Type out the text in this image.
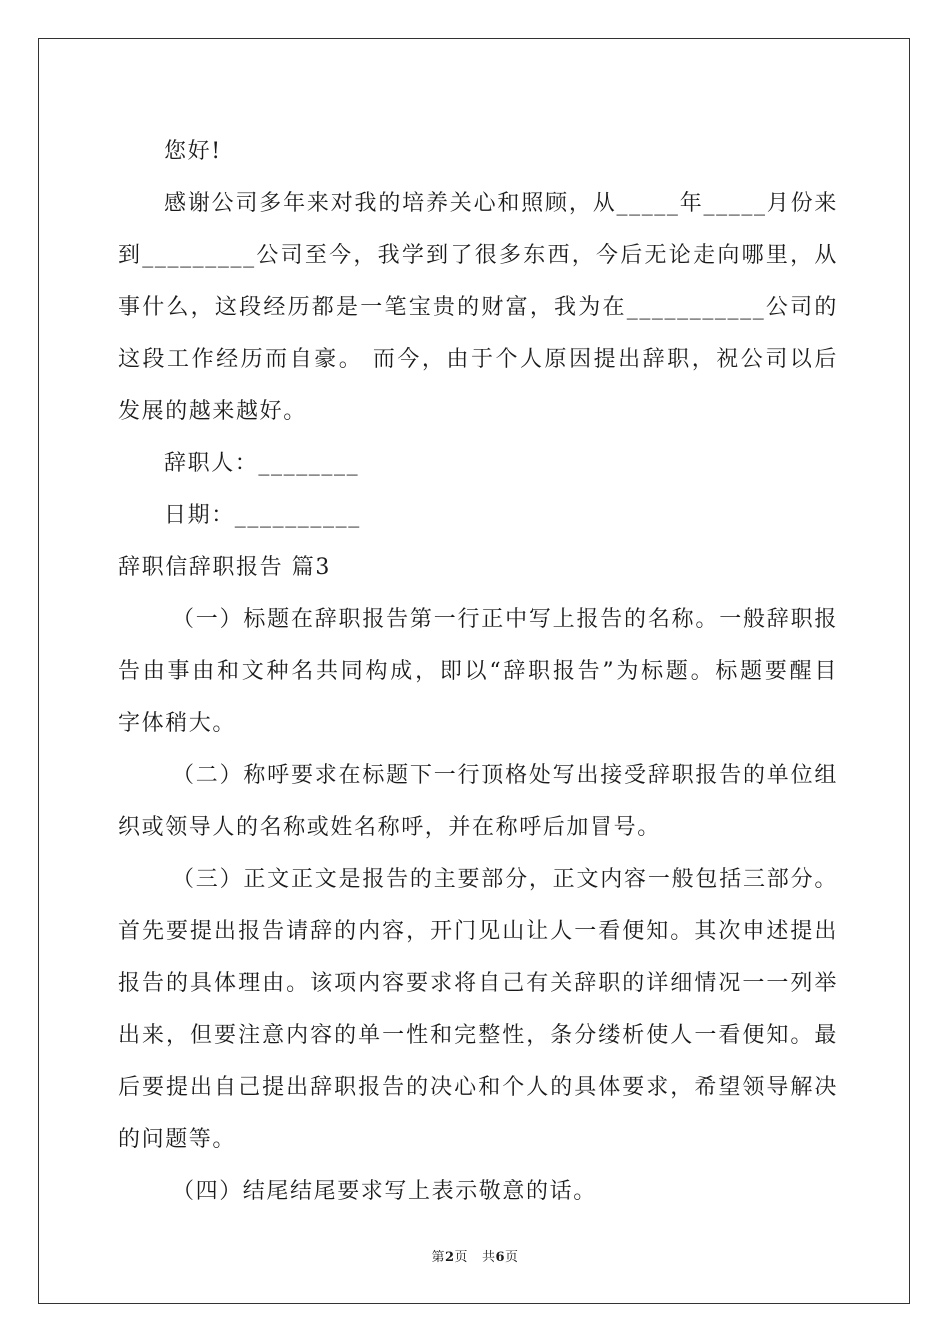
您好!
感谢公司多年来对我的培养关心和照顾，从_____年_____月份来
到_________公司至今，我学到了很多东西，今后无论走向哪里，从
事什么，这段经历都是一笔宝贵的财富，我为在___________公司的
这段工作经历而自豪。 而今，由于个人原因提出辞职，祝公司以后
发展的越来越好。
辞职人：________
日期：__________
辞职信辞职报告 篇3
（一）标题在辞职报告第一行正中写上报告的名称。一般辞职报
告由事由和文种名共同构成，即以“辞职报告”为标题。标题要醒目
字体稍大。
（二）称呼要求在标题下一行顶格处写出接受辞职报告的单位组
织或领导人的名称或姓名称呼，并在称呼后加冒号。
（三）正文正文是报告的主要部分，正文内容一般包括三部分。
首先要提出报告请辞的内容，开门见山让人一看便知。其次申述提出
报告的具体理由。该项内容要求将自己有关辞职的详细情况一一列举
出来，但要注意内容的单一性和完整性，条分缕析使人一看便知。最
后要提出自己提出辞职报告的决心和个人的具体要求，希望领导解决
的问题等。
（四）结尾结尾要求写上表示敬意的话。
第2页 共6页
